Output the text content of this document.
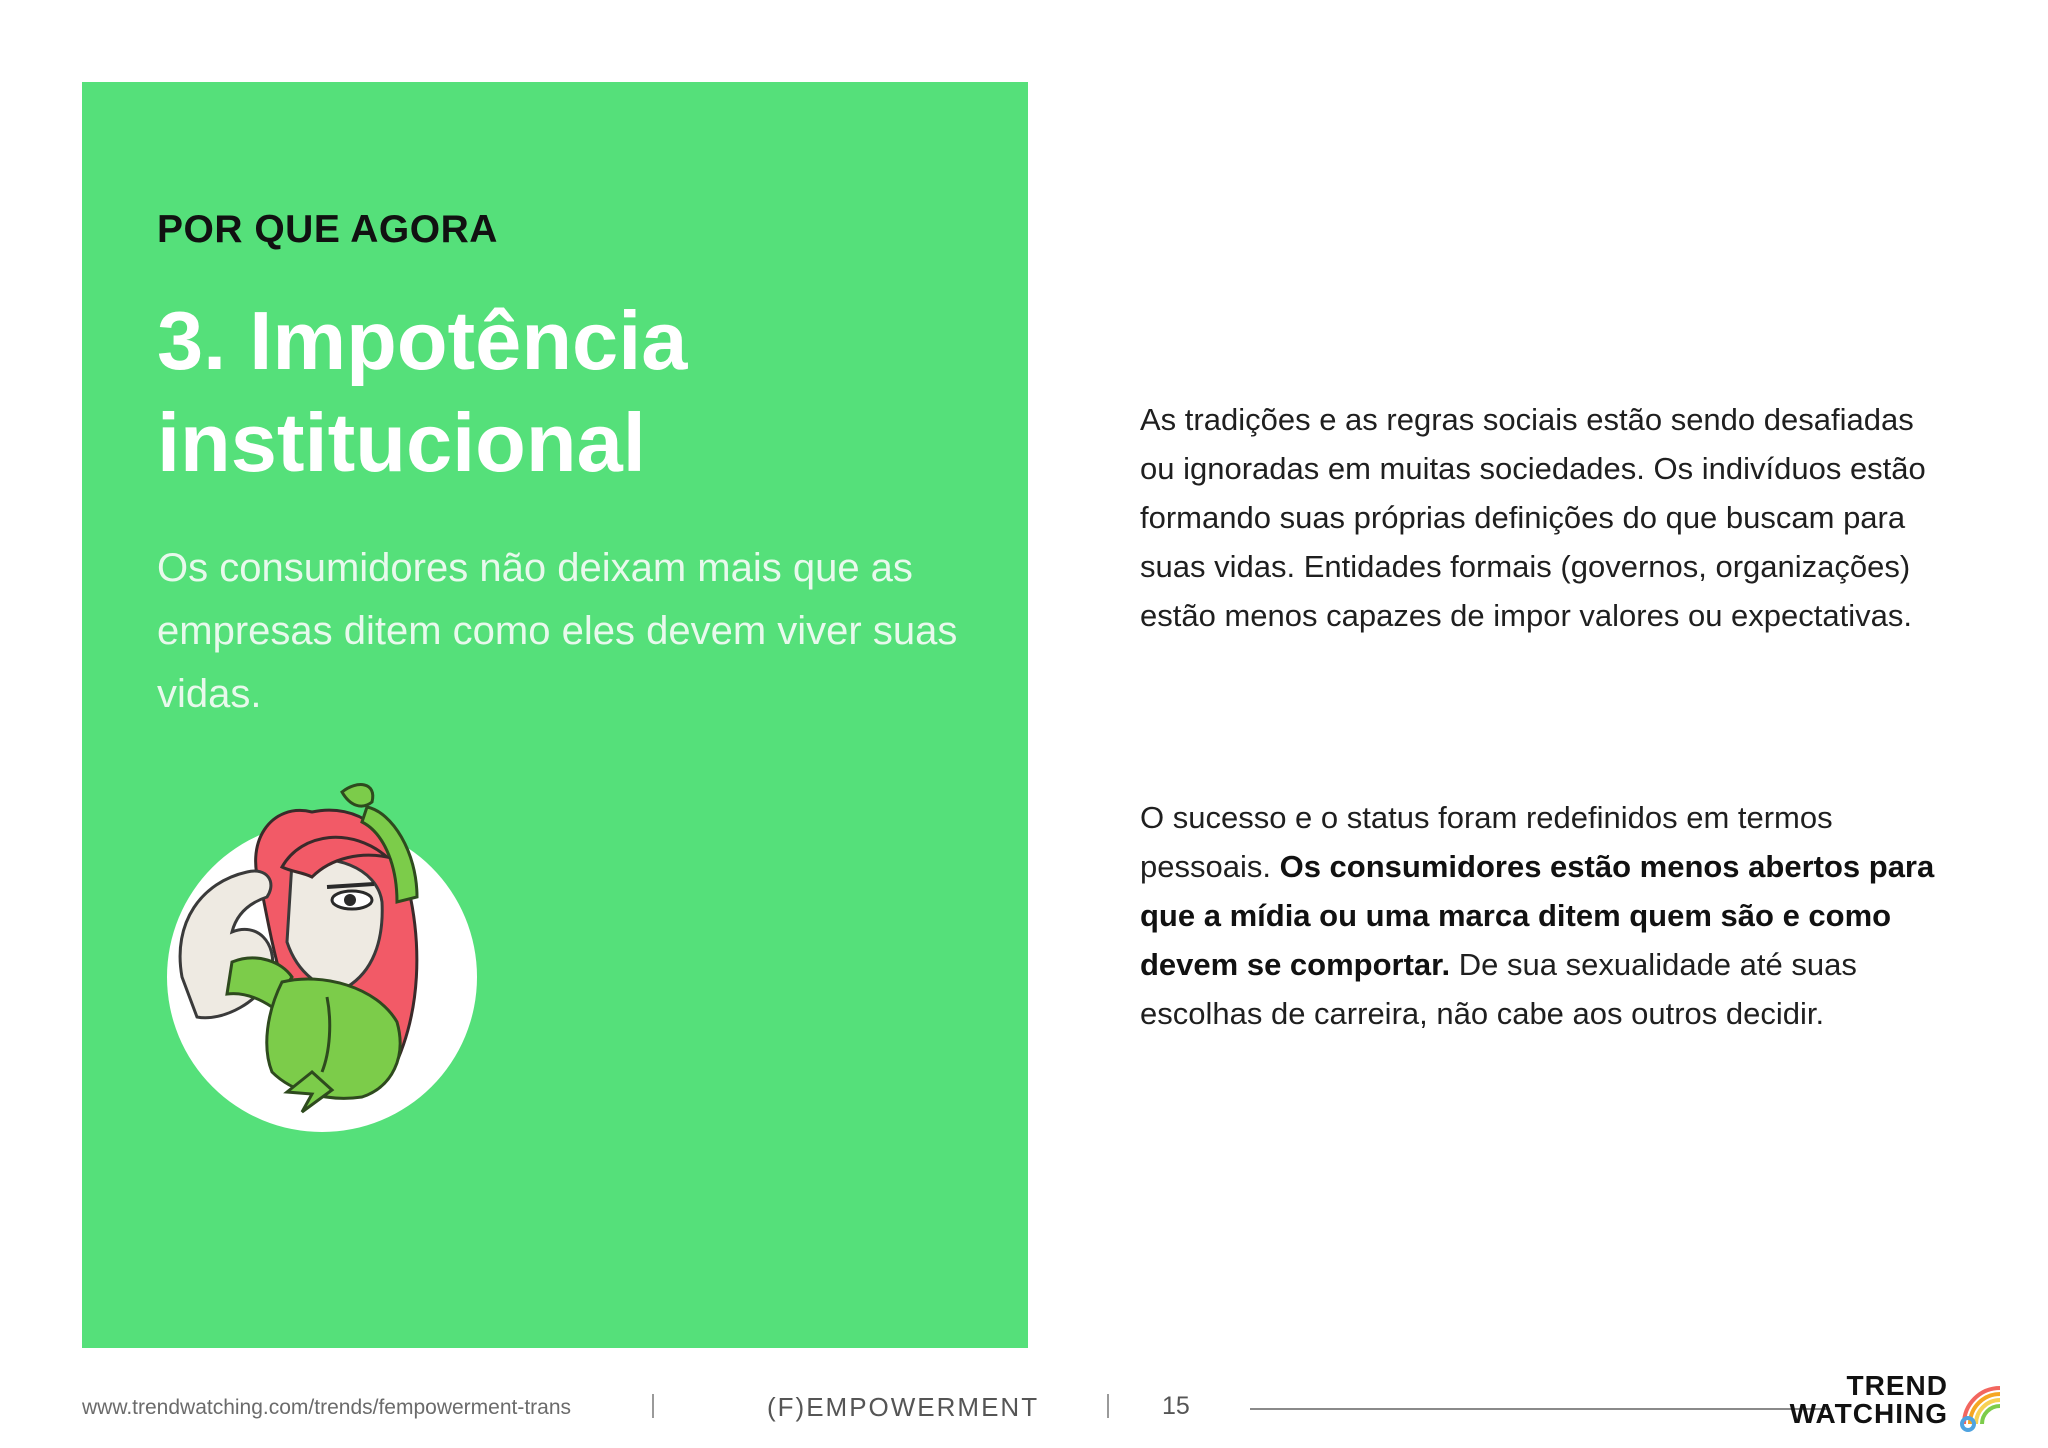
POR QUE AGORA
3. Impotência
institucional
Os consumidores não deixam mais que as empresas ditem como eles devem viver suas vidas.
As tradições e as regras sociais estão sendo desafiadas ou ignoradas em muitas sociedades. Os indivíduos estão formando suas próprias definições do que buscam para suas vidas. Entidades formais (governos, organizações) estão menos capazes de impor valores ou expectativas.
O sucesso e o status foram redefinidos em termos pessoais. Os consumidores estão menos abertos para que a mídia ou uma marca ditem quem são e como devem se comportar. De sua sexualidade até suas escolhas de carreira, não cabe aos outros decidir.
www.trendwatching.com/trends/fempowerment-trans	(F)EMPOWERMENT	15
TREND
WATCHING
